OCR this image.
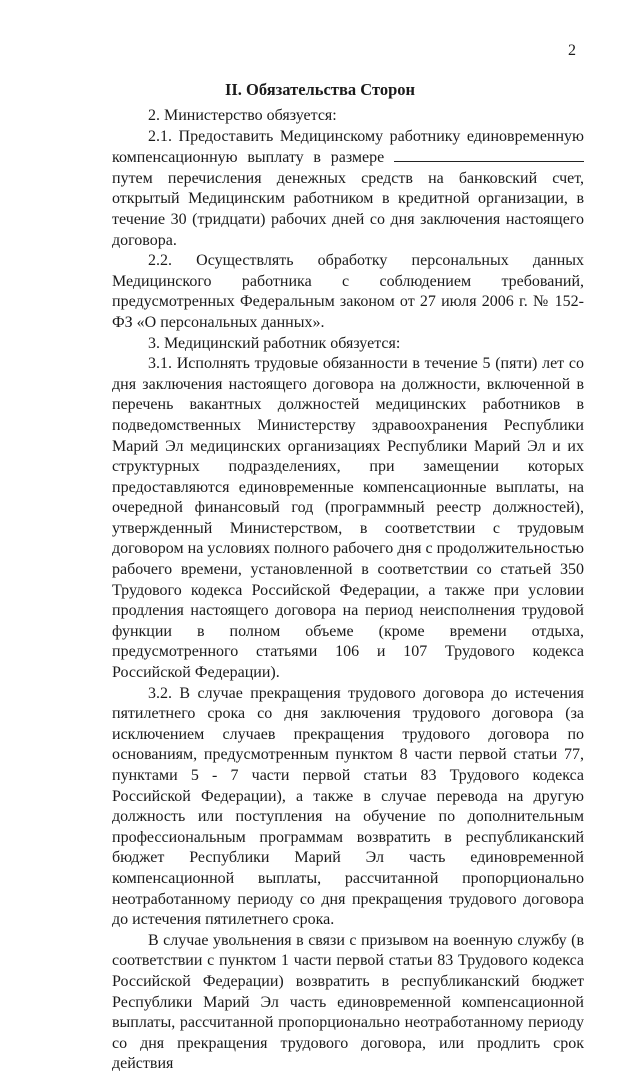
2
II. Обязательства Сторон

2. Министерство обязуется:

2.1. Предоставить Медицинскому работнику единовременную компенсационную выплату в размере  путем перечисления денежных средств на банковский счет, открытый Медицинским работником в кредитной организации, в течение 30 (тридцати) рабочих дней со дня заключения настоящего договора.

2.2. Осуществлять обработку персональных данных Медицинского работника с соблюдением требований, предусмотренных Федеральным законом от 27 июля 2006 г. № 152-ФЗ «О персональных данных».

3. Медицинский работник обязуется:

3.1. Исполнять трудовые обязанности в течение 5 (пяти) лет со дня заключения настоящего договора на должности, включенной в перечень вакантных должностей медицинских работников в подведомственных Министерству здравоохранения Республики Марий Эл медицинских организациях Республики Марий Эл и их структурных подразделениях, при замещении которых предоставляются единовременные компенсационные выплаты, на очередной финансовый год (программный реестр должностей), утвержденный Министерством, в соответствии с трудовым договором на условиях полного рабочего дня с продолжительностью рабочего времени, установленной в соответствии со статьей 350 Трудового кодекса Российской Федерации, а также при условии продления настоящего договора на период неисполнения трудовой функции в полном объеме (кроме времени отдыха, предусмотренного статьями 106 и 107 Трудового кодекса Российской Федерации).

3.2. В случае прекращения трудового договора до истечения пятилетнего срока со дня заключения трудового договора (за исключением случаев прекращения трудового договора по основаниям, предусмотренным пунктом 8 части первой статьи 77, пунктами 5 - 7 части первой статьи 83 Трудового кодекса Российской Федерации), а также в случае перевода на другую должность или поступления на обучение по дополнительным профессиональным программам возвратить в республиканский бюджет Республики Марий Эл часть единовременной компенсационной выплаты, рассчитанной пропорционально неотработанному периоду со дня прекращения трудового договора до истечения пятилетнего срока.

В случае увольнения в связи с призывом на военную службу (в соответствии с пунктом 1 части первой статьи 83 Трудового кодекса Российской Федерации) возвратить в республиканский бюджет Республики Марий Эл часть единовременной компенсационной выплаты, рассчитанной пропорционально неотработанному периоду со дня прекращения трудового договора, или продлить срок действия
